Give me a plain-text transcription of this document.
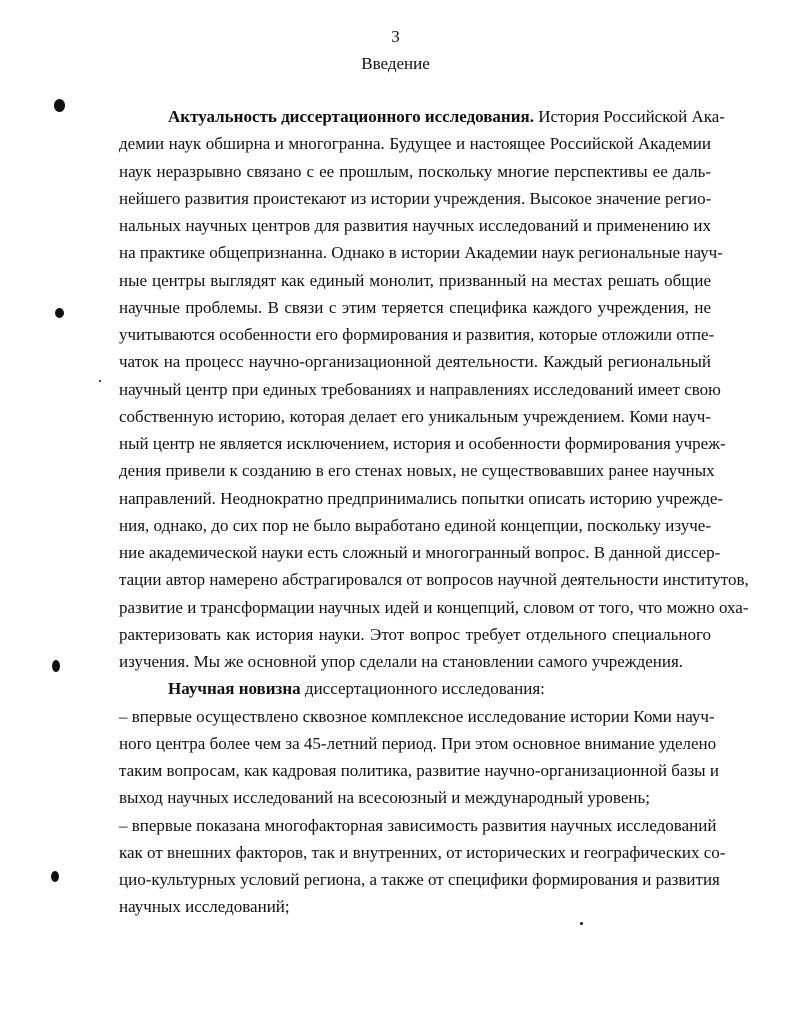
3
Введение
Актуальность диссертационного исследования. История Российской Ака-
демии наук обширна и многогранна. Будущее и настоящее Российской Академии
наук неразрывно связано с ее прошлым, поскольку многие перспективы ее даль-
нейшего развития проистекают из истории учреждения. Высокое значение регио-
нальных научных центров для развития научных исследований и применению их
на практике общепризнанна. Однако в истории Академии наук региональные науч-
ные центры выглядят как единый монолит, призванный на местах решать общие
научные проблемы. В связи с этим теряется специфика каждого учреждения, не
учитываются особенности его формирования и развития, которые отложили отпе-
чаток на процесс научно-организационной деятельности. Каждый региональный
научный центр при единых требованиях и направлениях исследований имеет свою
собственную историю, которая делает его уникальным учреждением. Коми науч-
ный центр не является исключением, история и особенности формирования учреж-
дения привели к созданию в его стенах новых, не существовавших ранее научных
направлений. Неоднократно предпринимались попытки описать историю учрежде-
ния, однако, до сих пор не было выработано единой концепции, поскольку изуче-
ние академической науки есть сложный и многогранный вопрос. В данной диссер-
тации автор намерено абстрагировался от вопросов научной деятельности институтов,
развитие и трансформации научных идей и концепций, словом от того, что можно оха-
рактеризовать как история науки. Этот вопрос требует отдельного специального
изучения. Мы же основной упор сделали на становлении самого учреждения.
Научная новизна диссертационного исследования:
– впервые осуществлено сквозное комплексное исследование истории Коми науч-
ного центра более чем за 45-летний период. При этом основное внимание уделено
таким вопросам, как кадровая политика, развитие научно-организационной базы и
выход научных исследований на всесоюзный и международный уровень;
– впервые показана многофакторная зависимость развития научных исследований
как от внешних факторов, так и внутренних, от исторических и географических со-
цио-культурных условий региона, а также от специфики формирования и развития
научных исследований;
